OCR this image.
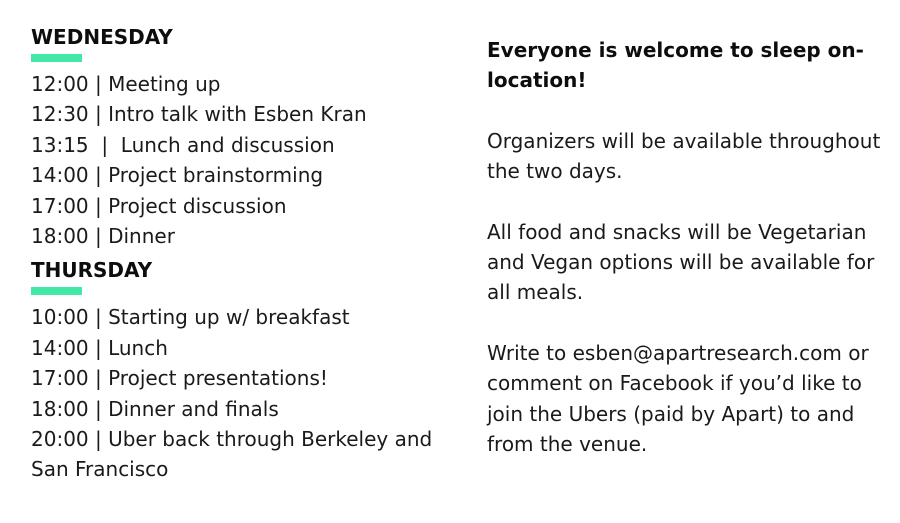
WEDNESDAY
12:00 | Meeting up
12:30 | Intro talk with Esben Kran
13:15  |  Lunch and discussion
14:00 | Project brainstorming
17:00 | Project discussion
18:00 | Dinner
THURSDAY
10:00 | Starting up w/ breakfast
14:00 | Lunch
17:00 | Project presentations!
18:00 | Dinner and finals
20:00 | Uber back through Berkeley and San Francisco

Everyone is welcome to sleep on-location!

Organizers will be available throughout the two days.

All food and snacks will be Vegetarian and Vegan options will be available for all meals.

Write to esben@apartresearch.com or comment on Facebook if you’d like to join the Ubers (paid by Apart) to and from the venue.
